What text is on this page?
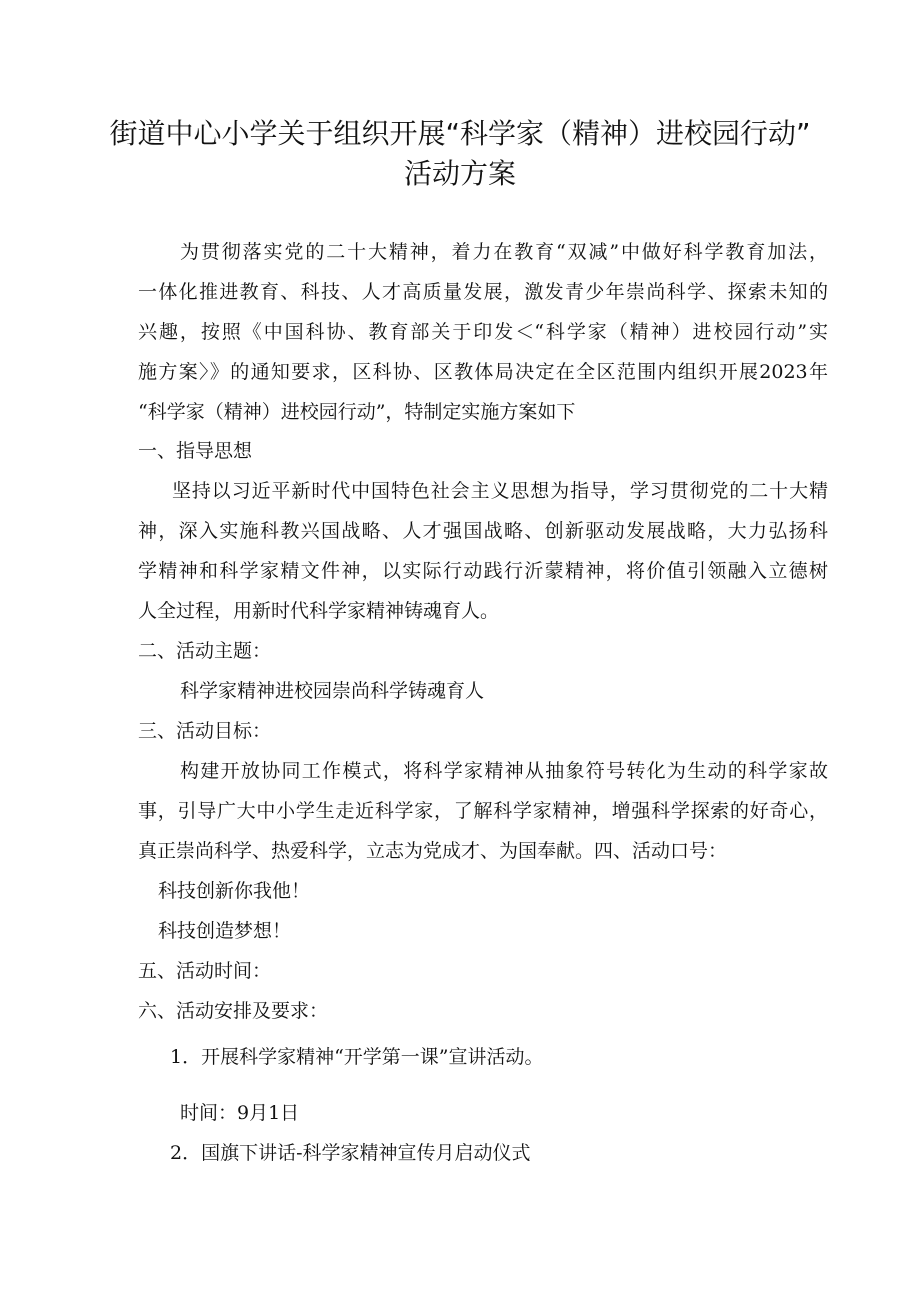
街道中心小学关于组织开展“科学家（精神）进校园行动”
活动方案
为贯彻落实党的二十大精神，着力在教育“双减”中做好科学教育加法，
一体化推进教育、科技、人才高质量发展，激发青少年崇尚科学、探索未知的
兴趣，按照《中国科协、教育部关于印发＜“科学家（精神）进校园行动”实
施方案〉》的通知要求，区科协、区教体局决定在全区范围内组织开展2023年
“科学家（精神）进校园行动”，特制定实施方案如下
一、指导思想
坚持以习近平新时代中国特色社会主义思想为指导，学习贯彻党的二十大精
神，深入实施科教兴国战略、人才强国战略、创新驱动发展战略，大力弘扬科
学精神和科学家精文件神，以实际行动践行沂蒙精神，将价值引领融入立德树
人全过程，用新时代科学家精神铸魂育人。
二、活动主题：
科学家精神进校园崇尚科学铸魂育人
三、活动目标：
构建开放协同工作模式，将科学家精神从抽象符号转化为生动的科学家故
事，引导广大中小学生走近科学家，了解科学家精神，增强科学探索的好奇心，
真正崇尚科学、热爱科学，立志为党成才、为国奉献。四、活动口号：
科技创新你我他！
科技创造梦想！
五、活动时间：
六、活动安排及要求：
1．开展科学家精神“开学第一课”宣讲活动。
时间：9月1日
2．国旗下讲话-科学家精神宣传月启动仪式
